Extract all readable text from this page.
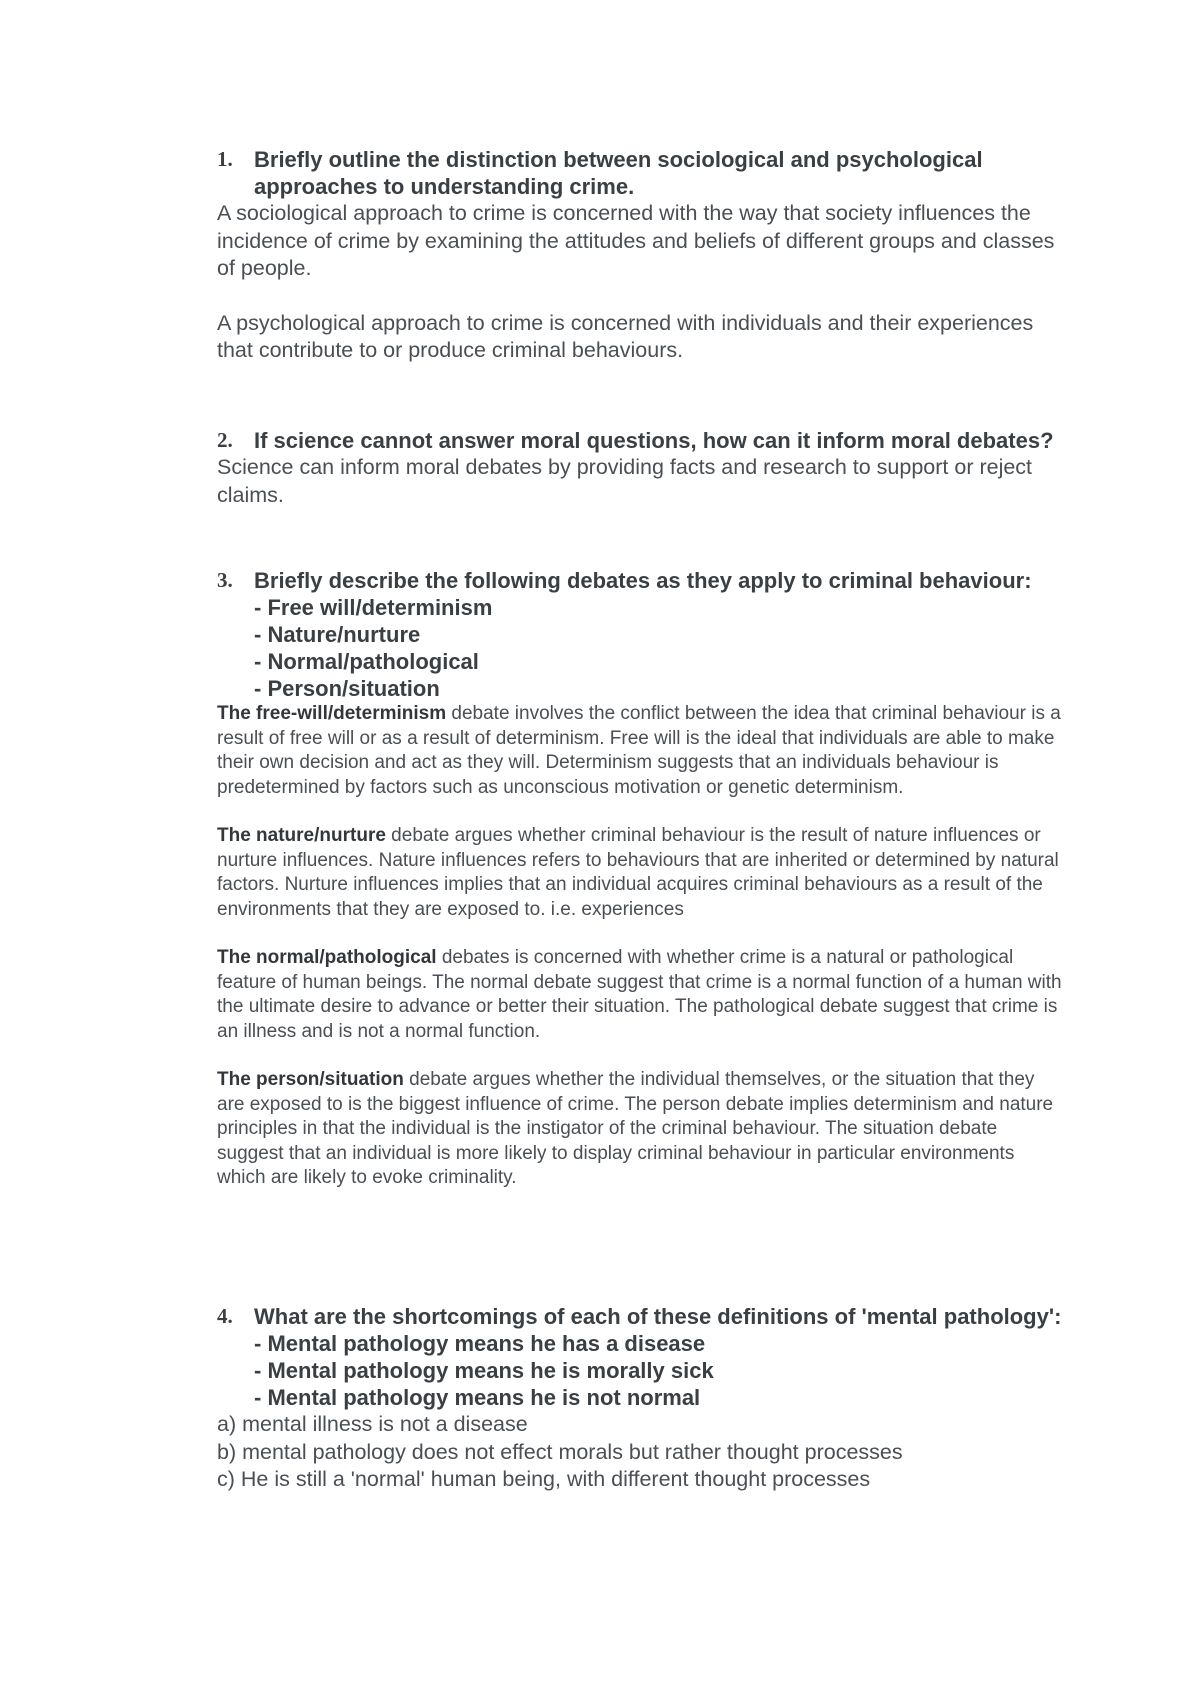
1. Briefly outline the distinction between sociological and psychological approaches to understanding crime.

A sociological approach to crime is concerned with the way that society influences the incidence of crime by examining the attitudes and beliefs of different groups and classes of people.

A psychological approach to crime is concerned with individuals and their experiences that contribute to or produce criminal behaviours.

2. If science cannot answer moral questions, how can it inform moral debates?

Science can inform moral debates by providing facts and research to support or reject claims.

3. Briefly describe the following debates as they apply to criminal behaviour:
- Free will/determinism
- Nature/nurture
- Normal/pathological
- Person/situation

The free-will/determinism debate involves the conflict between the idea that criminal behaviour is a result of free will or as a result of determinism. Free will is the ideal that individuals are able to make their own decision and act as they will. Determinism suggests that an individuals behaviour is predetermined by factors such as unconscious motivation or genetic determinism.

The nature/nurture debate argues whether criminal behaviour is the result of nature influences or nurture influences. Nature influences refers to behaviours that are inherited or determined by natural factors. Nurture influences implies that an individual acquires criminal behaviours as a result of the environments that they are exposed to. i.e. experiences

The normal/pathological debates is concerned with whether crime is a natural or pathological feature of human beings. The normal debate suggest that crime is a normal function of a human with the ultimate desire to advance or better their situation. The pathological debate suggest that crime is an illness and is not a normal function.

The person/situation debate argues whether the individual themselves, or the situation that they are exposed to is the biggest influence of crime. The person debate implies determinism and nature principles in that the individual is the instigator of the criminal behaviour. The situation debate suggest that an individual is more likely to display criminal behaviour in particular environments which are likely to evoke criminality.

4. What are the shortcomings of each of these definitions of 'mental pathology':
- Mental pathology means he has a disease
- Mental pathology means he is morally sick
- Mental pathology means he is not normal

a) mental illness is not a disease

b) mental pathology does not effect morals but rather thought processes

c) He is still a 'normal' human being, with different thought processes
